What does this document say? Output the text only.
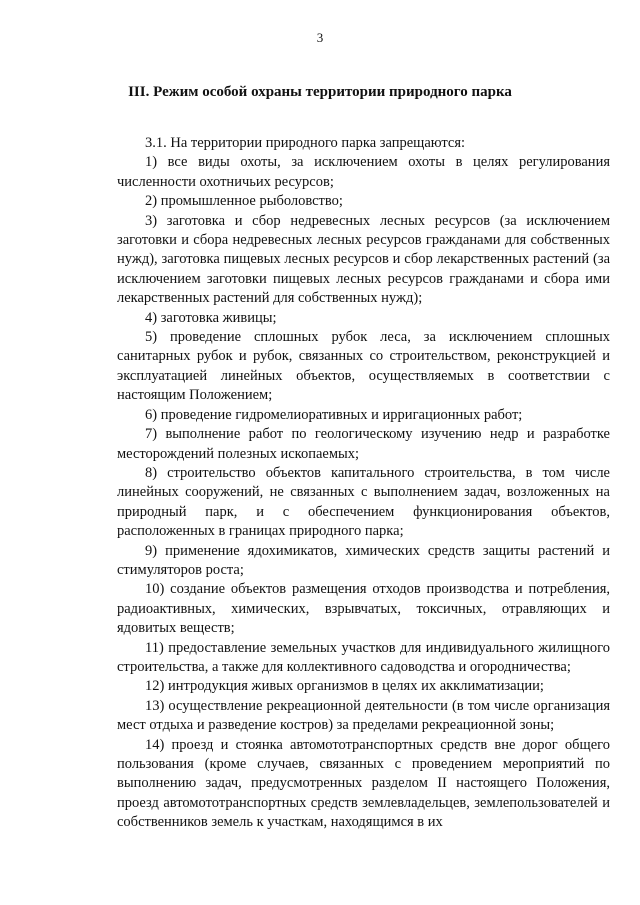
3
III. Режим особой охраны территории природного парка

3.1. На территории природного парка запрещаются:

1) все виды охоты, за исключением охоты в целях регулирования численности охотничьих ресурсов;

2) промышленное рыболовство;

3) заготовка и сбор недревесных лесных ресурсов (за исключением заготовки и сбора недревесных лесных ресурсов гражданами для собственных нужд), заготовка пищевых лесных ресурсов и сбор лекарственных растений (за исключением заготовки пищевых лесных ресурсов гражданами и сбора ими лекарственных растений для собственных нужд);

4) заготовка живицы;

5) проведение сплошных рубок леса, за исключением сплошных санитарных рубок и рубок, связанных со строительством, реконструкцией и эксплуатацией линейных объектов, осуществляемых в соответствии с настоящим Положением;

6) проведение гидромелиоративных и ирригационных работ;

7) выполнение работ по геологическому изучению недр и разработке месторождений полезных ископаемых;

8) строительство объектов капитального строительства, в том числе линейных сооружений, не связанных с выполнением задач, возложенных на природный парк, и с обеспечением функционирования объектов, расположенных в границах природного парка;

9) применение ядохимикатов, химических средств защиты растений и стимуляторов роста;

10) создание объектов размещения отходов производства и потребления, радиоактивных, химических, взрывчатых, токсичных, отравляющих и ядовитых веществ;

11) предоставление земельных участков для индивидуального жилищного строительства, а также для коллективного садоводства и огородничества;

12) интродукция живых организмов в целях их акклиматизации;

13) осуществление рекреационной деятельности (в том числе организация мест отдыха и разведение костров) за пределами рекреационной зоны;

14) проезд и стоянка автомототранспортных средств вне дорог общего пользования (кроме случаев, связанных с проведением мероприятий по выполнению задач, предусмотренных разделом II настоящего Положения, проезд автомототранспортных средств землевладельцев, землепользователей и собственников земель к участкам, находящимся в их
